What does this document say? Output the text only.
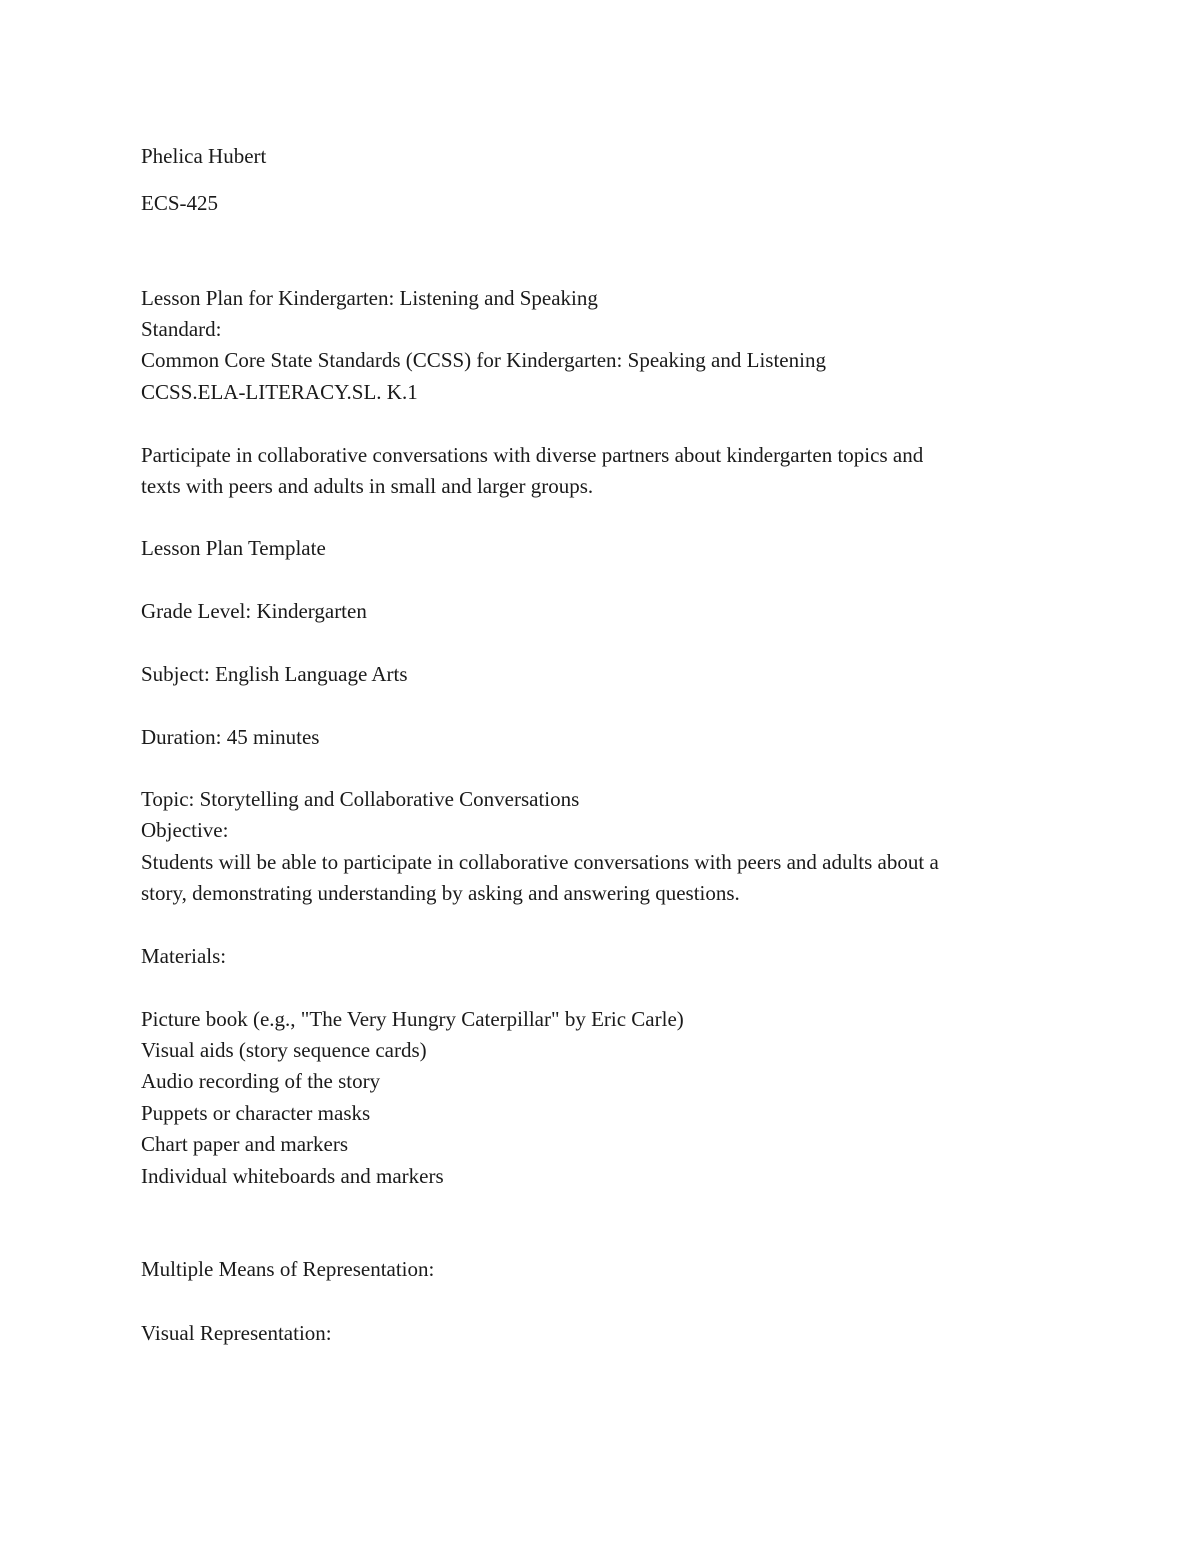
Phelica Hubert
ECS-425
Lesson Plan for Kindergarten: Listening and Speaking
Standard:
Common Core State Standards (CCSS) for Kindergarten: Speaking and Listening
CCSS.ELA-LITERACY.SL. K.1
Participate in collaborative conversations with diverse partners about kindergarten topics and
texts with peers and adults in small and larger groups.
Lesson Plan Template
Grade Level: Kindergarten
Subject: English Language Arts
Duration: 45 minutes
Topic: Storytelling and Collaborative Conversations
Objective:
Students will be able to participate in collaborative conversations with peers and adults about a
story, demonstrating understanding by asking and answering questions.
Materials:
Picture book (e.g., "The Very Hungry Caterpillar" by Eric Carle)
Visual aids (story sequence cards)
Audio recording of the story
Puppets or character masks
Chart paper and markers
Individual whiteboards and markers
Multiple Means of Representation:
Visual Representation:
